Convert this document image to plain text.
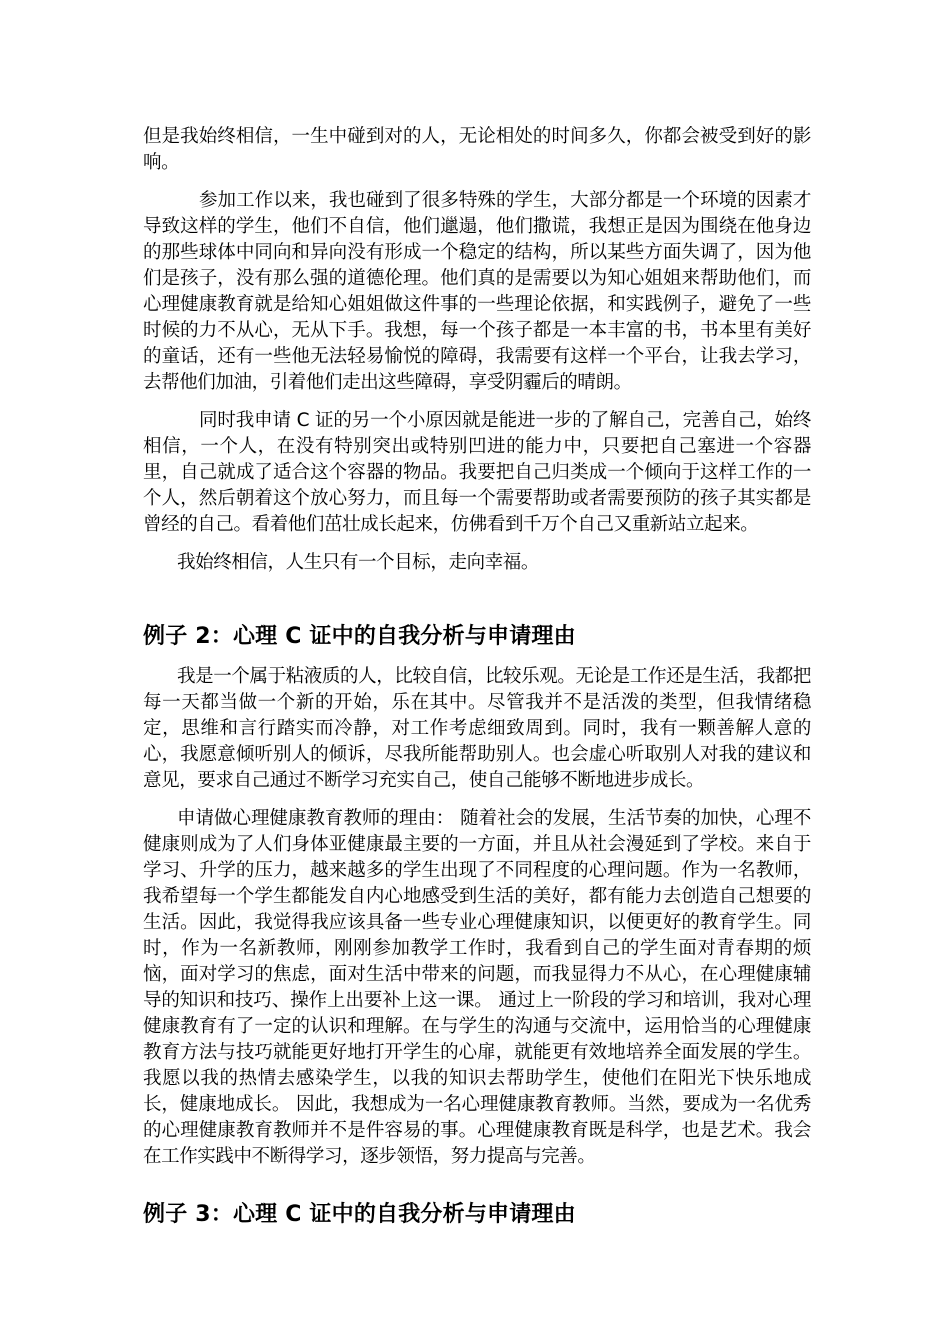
但是我始终相信，一生中碰到对的人，无论相处的时间多久，你都会被受到好的影响。

参加工作以来，我也碰到了很多特殊的学生，大部分都是一个环境的因素才导致这样的学生，他们不自信，他们邋遢，他们撒谎，我想正是因为围绕在他身边的那些球体中同向和异向没有形成一个稳定的结构，所以某些方面失调了，因为他们是孩子，没有那么强的道德伦理。他们真的是需要以为知心姐姐来帮助他们，而心理健康教育就是给知心姐姐做这件事的一些理论依据，和实践例子，避免了一些时候的力不从心，无从下手。我想，每一个孩子都是一本丰富的书，书本里有美好的童话，还有一些他无法轻易愉悦的障碍，我需要有这样一个平台，让我去学习，去帮他们加油，引着他们走出这些障碍，享受阴霾后的晴朗。

同时我申请 C 证的另一个小原因就是能进一步的了解自己，完善自己，始终相信，一个人，在没有特别突出或特别凹进的能力中，只要把自己塞进一个容器里，自己就成了适合这个容器的物品。我要把自己归类成一个倾向于这样工作的一个人，然后朝着这个放心努力，而且每一个需要帮助或者需要预防的孩子其实都是曾经的自己。看着他们茁壮成长起来，仿佛看到千万个自己又重新站立起来。

我始终相信，人生只有一个目标，走向幸福。

例子 2：心理 C 证中的自我分析与申请理由

我是一个属于粘液质的人，比较自信，比较乐观。无论是工作还是生活，我都把每一天都当做一个新的开始，乐在其中。尽管我并不是活泼的类型，但我情绪稳定，思维和言行踏实而冷静，对工作考虑细致周到。同时，我有一颗善解人意的心，我愿意倾听别人的倾诉，尽我所能帮助别人。也会虚心听取别人对我的建议和意见，要求自己通过不断学习充实自己，使自己能够不断地进步成长。

申请做心理健康教育教师的理由： 随着社会的发展，生活节奏的加快，心理不健康则成为了人们身体亚健康最主要的一方面，并且从社会漫延到了学校。来自于学习、升学的压力，越来越多的学生出现了不同程度的心理问题。作为一名教师，我希望每一个学生都能发自内心地感受到生活的美好，都有能力去创造自己想要的生活。因此，我觉得我应该具备一些专业心理健康知识，以便更好的教育学生。同时，作为一名新教师，刚刚参加教学工作时，我看到自己的学生面对青春期的烦恼，面对学习的焦虑，面对生活中带来的问题，而我显得力不从心，在心理健康辅导的知识和技巧、操作上出要补上这一课。 通过上一阶段的学习和培训，我对心理健康教育有了一定的认识和理解。在与学生的沟通与交流中，运用恰当的心理健康教育方法与技巧就能更好地打开学生的心扉，就能更有效地培养全面发展的学生。我愿以我的热情去感染学生，以我的知识去帮助学生，使他们在阳光下快乐地成长，健康地成长。 因此，我想成为一名心理健康教育教师。当然，要成为一名优秀的心理健康教育教师并不是件容易的事。心理健康教育既是科学，也是艺术。我会在工作实践中不断得学习，逐步领悟，努力提高与完善。

例子 3：心理 C 证中的自我分析与申请理由
